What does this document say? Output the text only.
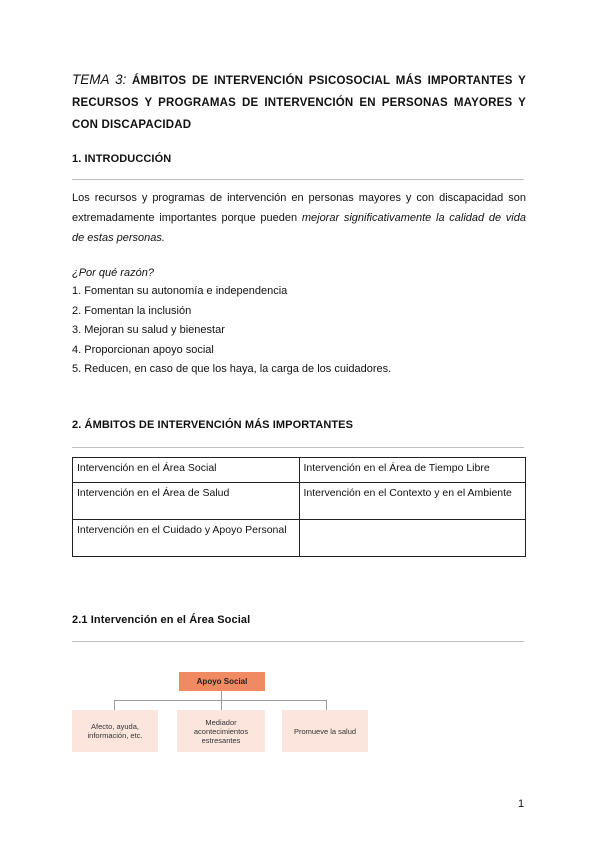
TEMA 3: ÁMBITOS DE INTERVENCIÓN PSICOSOCIAL MÁS IMPORTANTES Y RECURSOS Y PROGRAMAS DE INTERVENCIÓN EN PERSONAS MAYORES Y CON DISCAPACIDAD
1. INTRODUCCIÓN
Los recursos y programas de intervención en personas mayores y con discapacidad son extremadamente importantes porque pueden mejorar significativamente la calidad de vida de estas personas.
¿Por qué razón?
1. Fomentan su autonomía e independencia
2. Fomentan la inclusión
3. Mejoran su salud y bienestar
4. Proporcionan apoyo social
5. Reducen, en caso de que los haya, la carga de los cuidadores.
2. ÁMBITOS DE INTERVENCIÓN MÁS IMPORTANTES
Intervención en el Área Social	Intervención en el Área de Tiempo Libre
Intervención en el Área de Salud	Intervención en el Contexto y en el Ambiente
Intervención en el Cuidado y Apoyo Personal	
2.1 Intervención en el Área Social
Apoyo Social
Afecto, ayuda, información, etc.
Mediador acontecimientos estresantes
Promueve la salud
1
